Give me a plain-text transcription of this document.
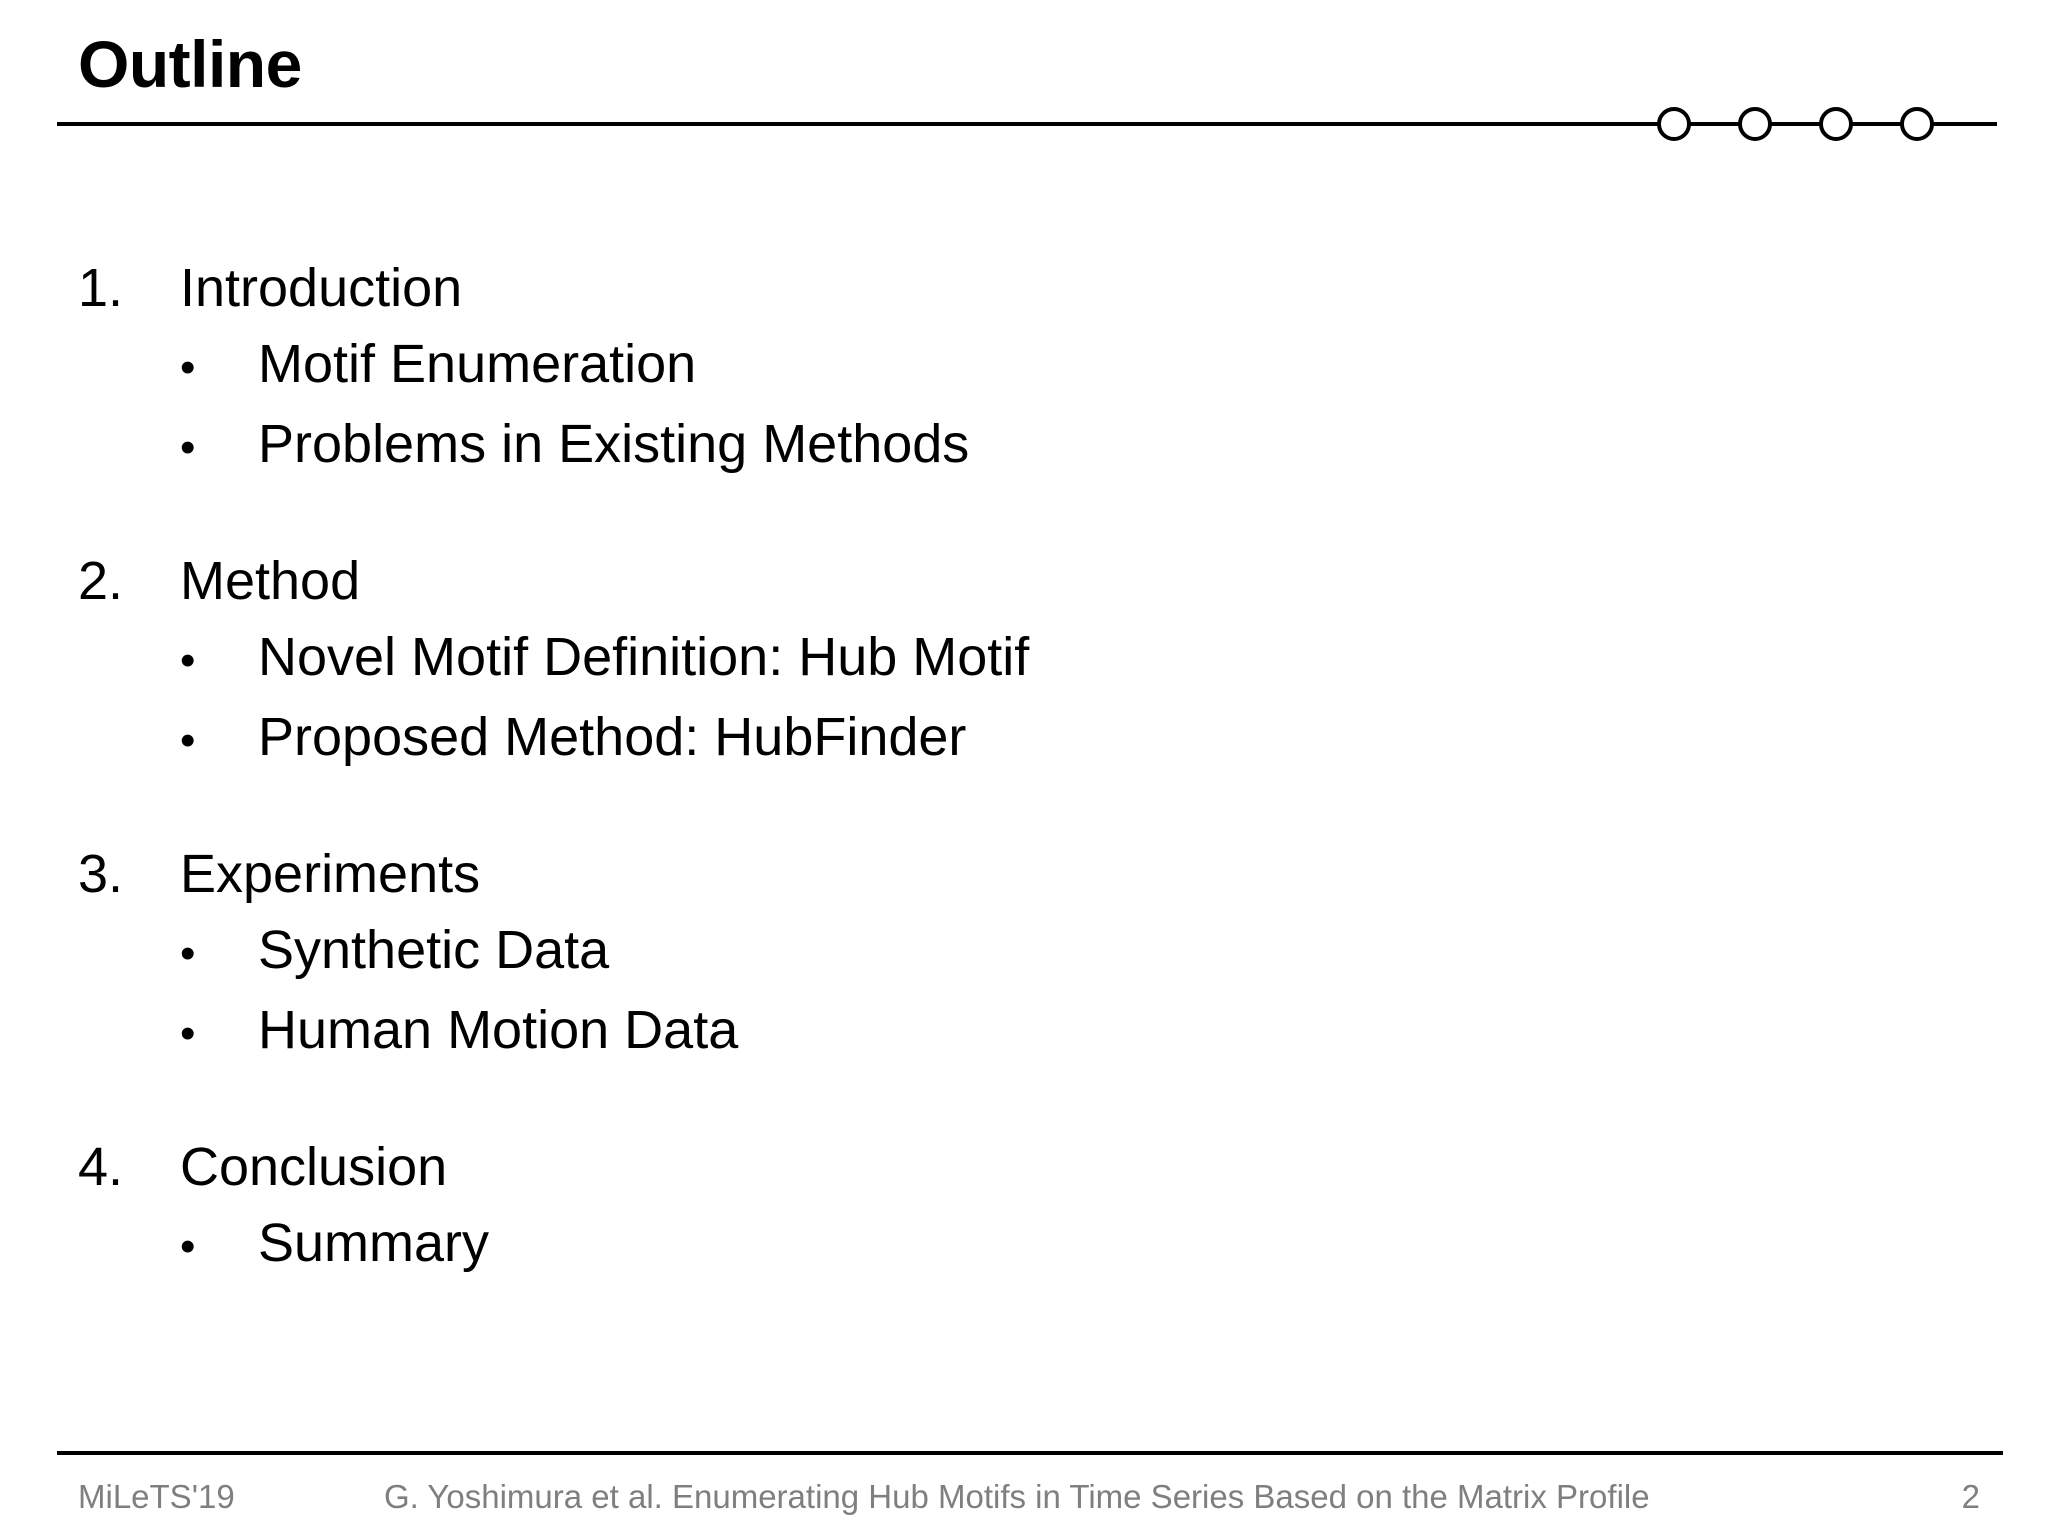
Outline
1.	Introduction
•	Motif Enumeration
•	Problems in Existing Methods
2.	Method
•	Novel Motif Definition: Hub Motif
•	Proposed Method: HubFinder
3.	Experiments
•	Synthetic Data
•	Human Motion Data
4.	Conclusion
•	Summary
MiLeTS'19	G. Yoshimura et al. Enumerating Hub Motifs in Time Series Based on the Matrix Profile	2
